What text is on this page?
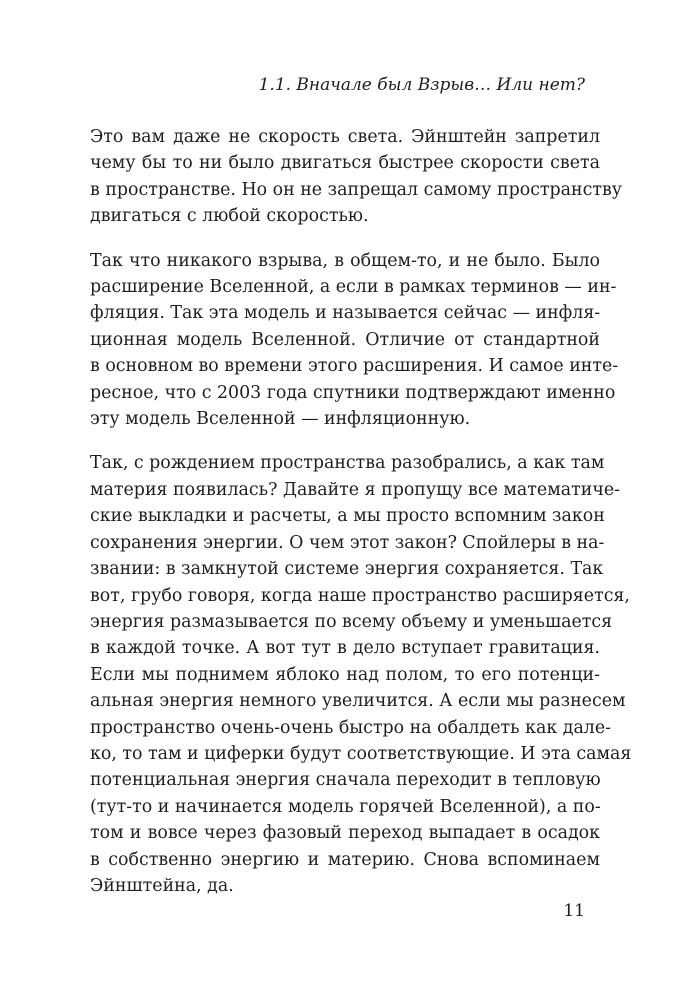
1.1. Вначале был Взрыв… Или нет?

Это вам даже не скорость света. Эйнштейн запретил
чему бы то ни было двигаться быстрее скорости света
в пространстве. Но он не запрещал самому пространству
двигаться с любой скоростью.

Так что никакого взрыва, в общем-то, и не было. Было
расширение Вселенной, а если в рамках терминов — ин-
фляция. Так эта модель и называется сейчас — инфля-
ционная модель Вселенной. Отличие от стандартной
в основном во времени этого расширения. И самое инте-
ресное, что с 2003 года спутники подтверждают именно
эту модель Вселенной — инфляционную.

Так, с рождением пространства разобрались, а как там
материя появилась? Давайте я пропущу все математиче-
ские выкладки и расчеты, а мы просто вспомним закон
сохранения энергии. О чем этот закон? Спойлеры в на-
звании: в замкнутой системе энергия сохраняется. Так
вот, грубо говоря, когда наше пространство расширяется,
энергия размазывается по всему объему и уменьшается
в каждой точке. А вот тут в дело вступает гравитация.
Если мы поднимем яблоко над полом, то его потенци-
альная энергия немного увеличится. А если мы разнесем
пространство очень-очень быстро на обалдеть как дале-
ко, то там и циферки будут соответствующие. И эта самая
потенциальная энергия сначала переходит в тепловую
(тут-то и начинается модель горячей Вселенной), а по-
том и вовсе через фазовый переход выпадает в осадок
в собственно энергию и материю. Снова вспоминаем
Эйнштейна, да.

11
